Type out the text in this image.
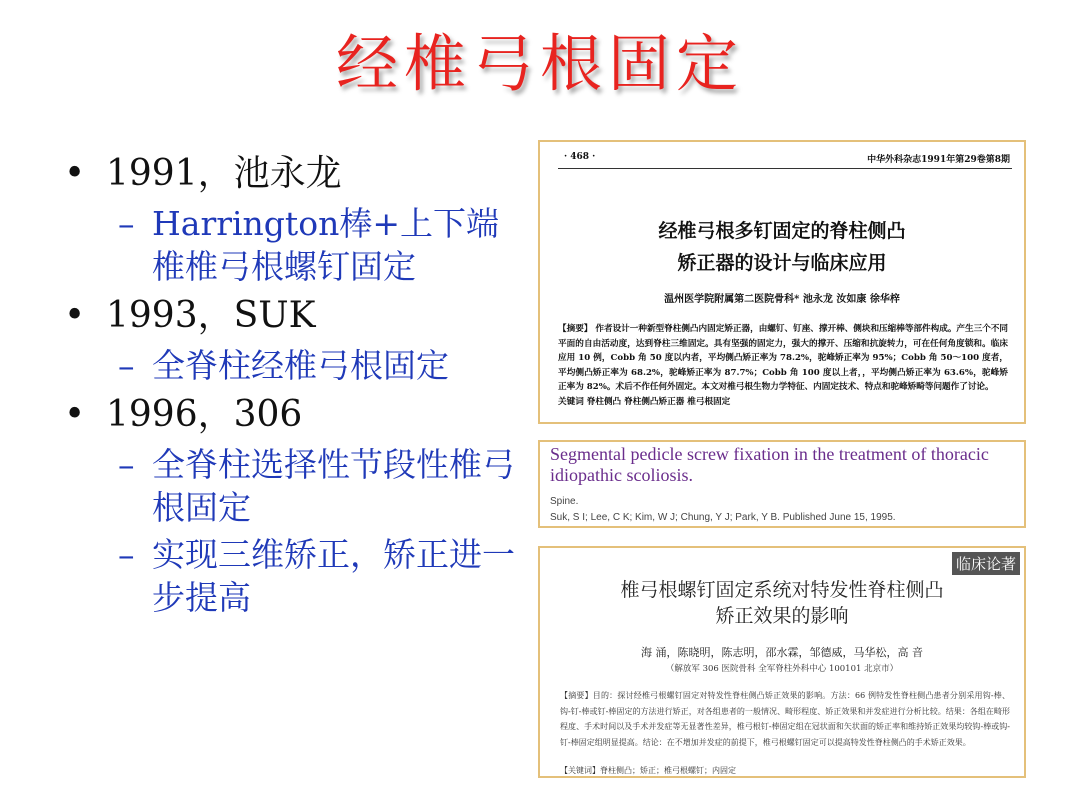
经椎弓根固定
• 1991，池永龙
– Harrington棒+上下端椎椎弓根螺钉固定
• 1993，SUK
– 全脊柱经椎弓根固定
• 1996，306
– 全脊柱选择性节段性椎弓根固定
– 实现三维矫正，矫正进一步提高
· 468 ·	中华外科杂志1991年第29卷第8期
经椎弓根多钉固定的脊柱侧凸
矫正器的设计与临床应用
温州医学院附属第二医院骨科* 池永龙 汝如康 徐华梓
【摘要】 作者设计一种新型脊柱侧凸内固定矫正器，由螺钉、钉座、撑开棒、侧块和压缩棒等部件构成。产生三个不同平面的自由活动度，达到脊柱三维固定。具有坚强的固定力，强大的撑开、压缩和抗旋转力，可在任何角度锁和。临床应用 10 例，Cobb 角 50 度以内者，平均侧凸矫正率为 78.2%，驼峰矫正率为 95%；Cobb 角 50～100 度者，平均侧凸矫正率为 68.2%，驼峰矫正率为 87.7%；Cobb 角 100 度以上者，，平均侧凸矫正率为 63.6%，驼峰矫正率为 82%。术后不作任何外固定。本文对椎弓根生物力学特征、内固定技术、特点和驼峰矫畸等问题作了讨论。
关键词 脊柱侧凸 脊柱侧凸矫正器 椎弓根固定
Segmental pedicle screw fixation in the treatment of thoracic idiopathic scoliosis.
Spine.
Suk, S I; Lee, C K; Kim, W J; Chung, Y J; Park, Y B. Published June 15, 1995.
临床论著
椎弓根螺钉固定系统对特发性脊柱侧凸
矫正效果的影响
海 涌，陈晓明，陈志明，邵水霖，邹德威，马华松，高 音
（解放军 306 医院骨科 全军脊柱外科中心 100101 北京市）
【摘要】目的：探讨经椎弓根螺钉固定对特发性脊柱侧凸矫正效果的影响。方法：66 例特发性脊柱侧凸患者分别采用钩-棒、钩-钉-棒或钉-棒固定的方法进行矫正，对各组患者的一般情况、畸形程度、矫正效果和并发症进行分析比较。结果：各组在畸形程度、手术时间以及手术并发症等无显著性差异，椎弓根钉-棒固定组在冠状面和矢状面的矫正率和维持矫正效果均较钩-棒或钩-钉-棒固定组明显提高。结论：在不增加并发症的前提下，椎弓根螺钉固定可以提高特发性脊柱侧凸的手术矫正效果。
【关键词】脊柱侧凸；矫正；椎弓根螺钉；内固定
